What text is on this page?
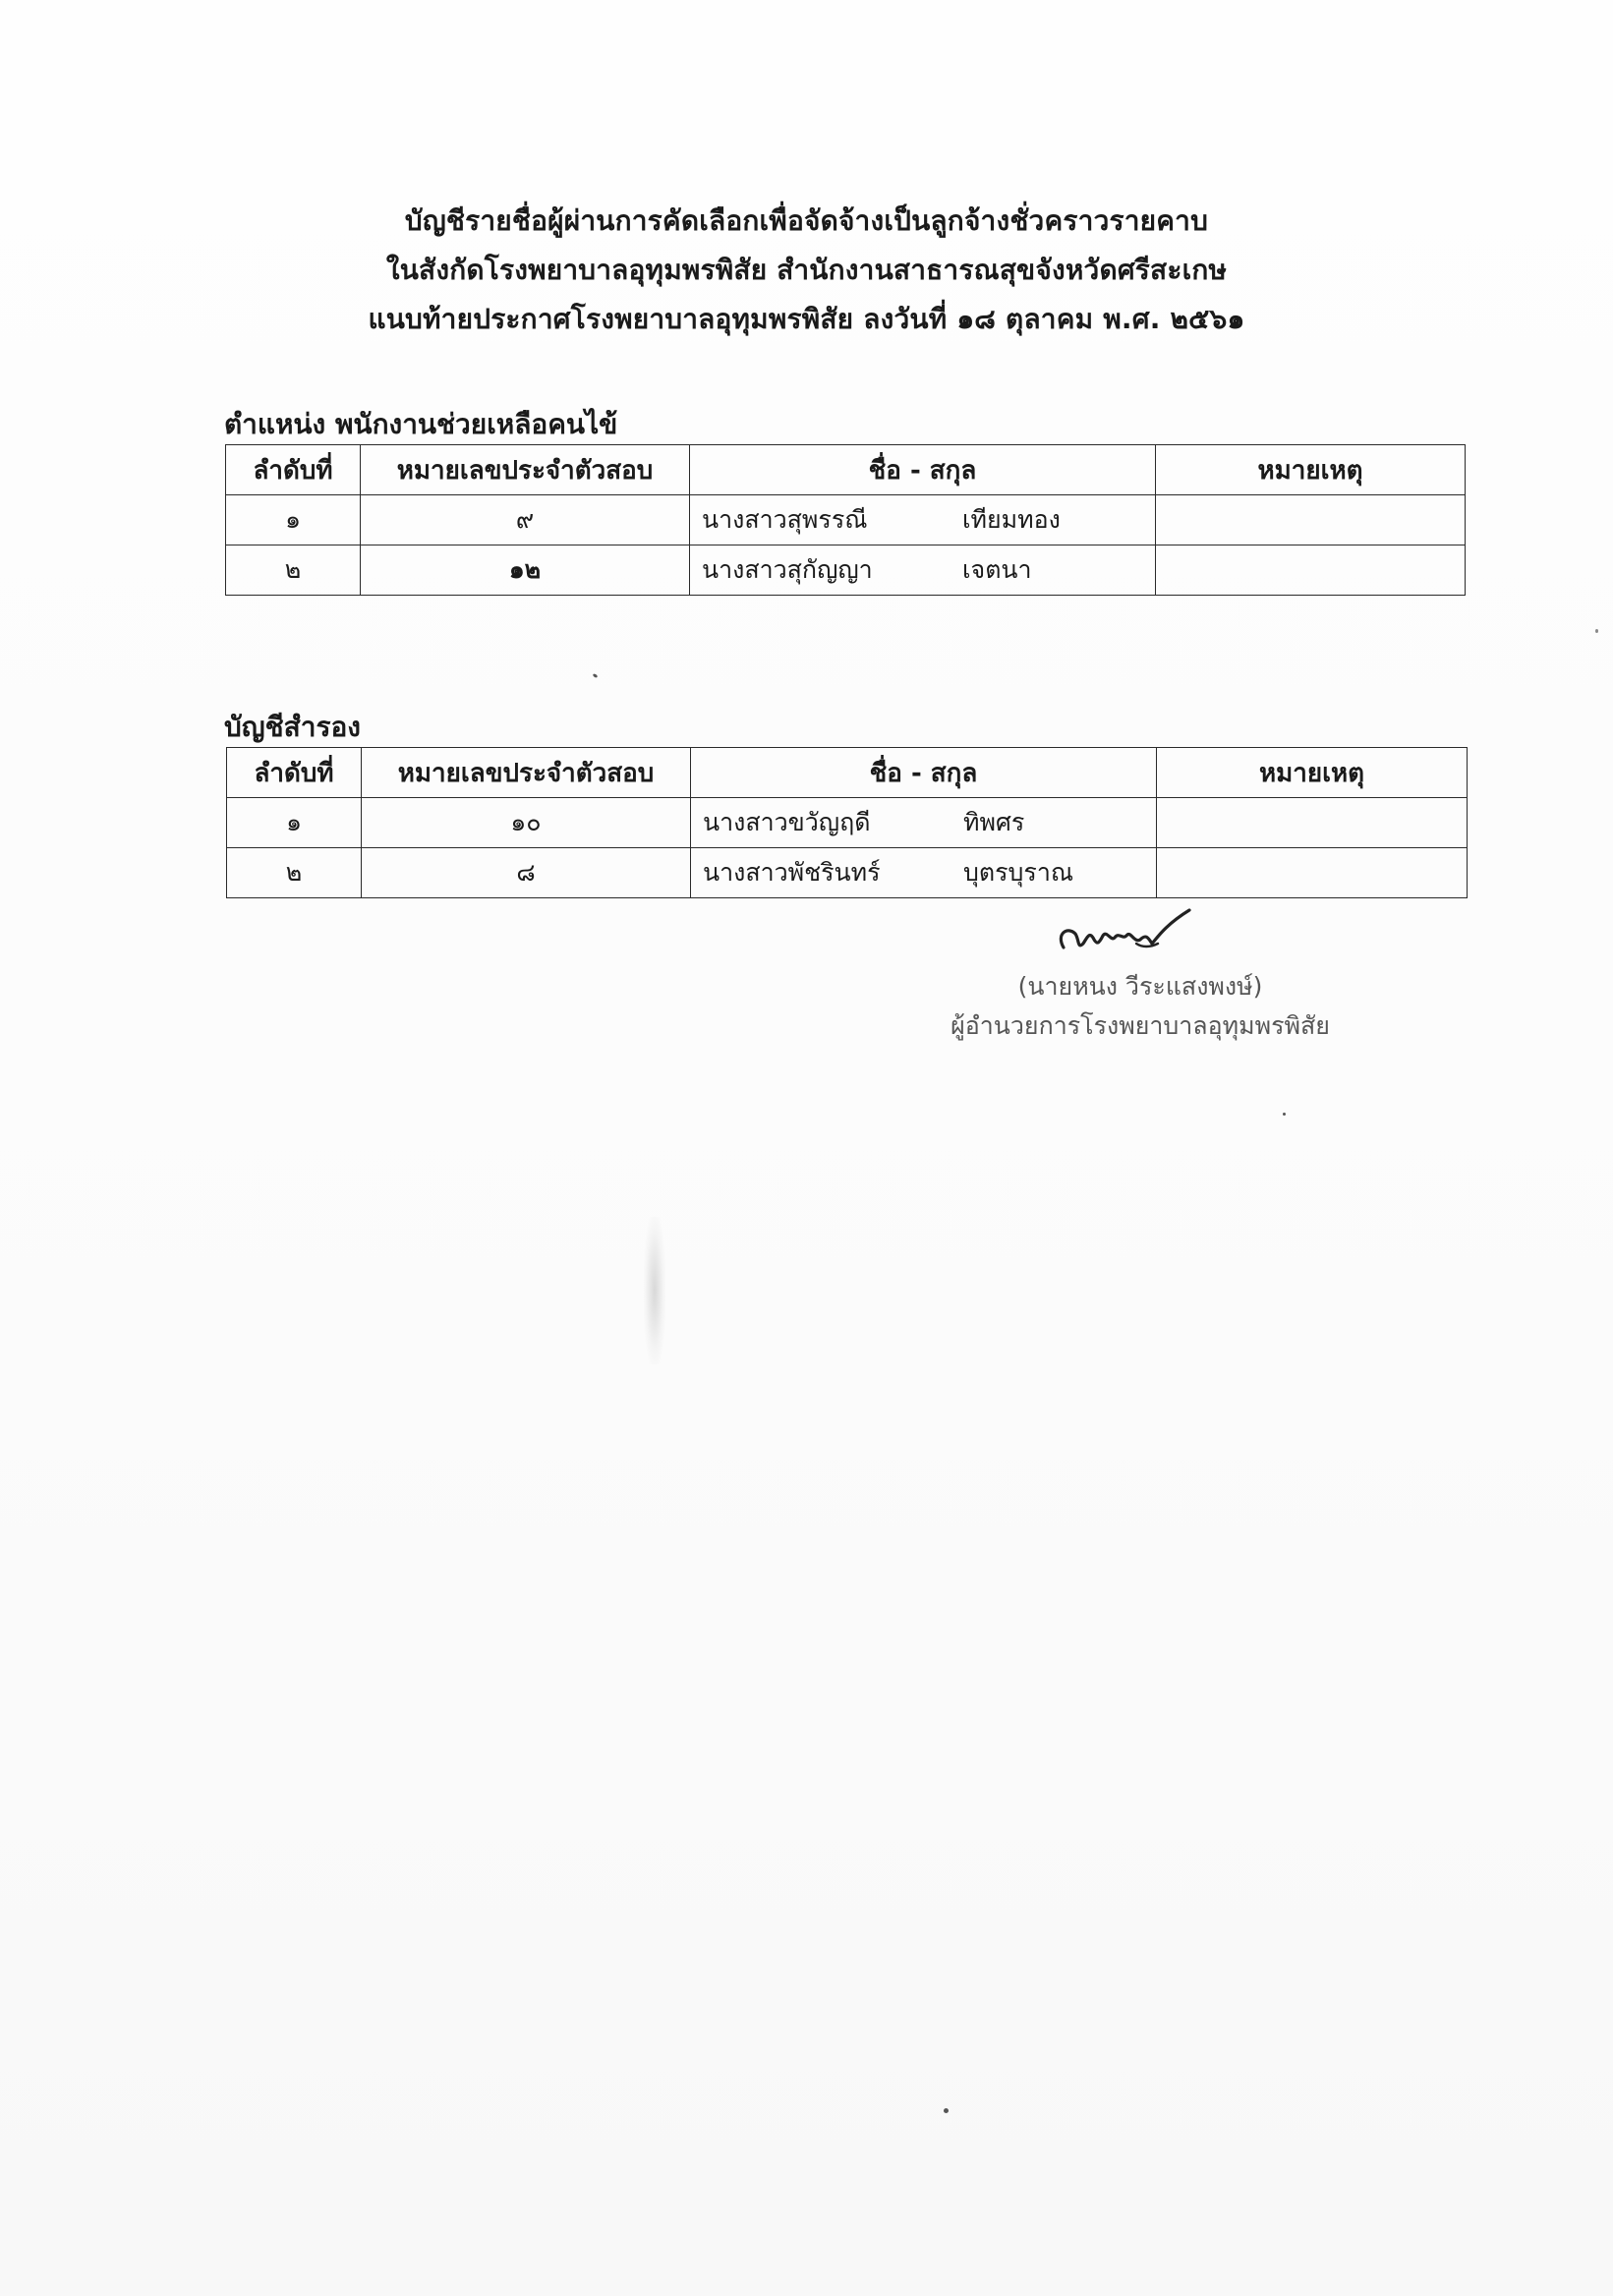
บัญชีรายชื่อผู้ผ่านการคัดเลือกเพื่อจัดจ้างเป็นลูกจ้างชั่วคราวรายคาบ
ในสังกัดโรงพยาบาลอุทุมพรพิสัย สำนักงานสาธารณสุขจังหวัดศรีสะเกษ
แนบท้ายประกาศโรงพยาบาลอุทุมพรพิสัย ลงวันที่ ๑๘ ตุลาคม พ.ศ. ๒๕๖๑
ตำแหน่ง พนักงานช่วยเหลือคนไข้
ลำดับที่	หมายเลขประจำตัวสอบ	ชื่อ - สกุล	หมายเหตุ
๑	๙	นางสาวสุพรรณี เทียมทอง	
๒	๑๒	นางสาวสุกัญญา เจตนา	
บัญชีสำรอง
ลำดับที่	หมายเลขประจำตัวสอบ	ชื่อ - สกุล	หมายเหตุ
๑	๑๐	นางสาวขวัญฤดี ทิพศร	
๒	๘	นางสาวพัชรินทร์ บุตรบุราณ	
(นายหนง วีระแสงพงษ์)
ผู้อำนวยการโรงพยาบาลอุทุมพรพิสัย
